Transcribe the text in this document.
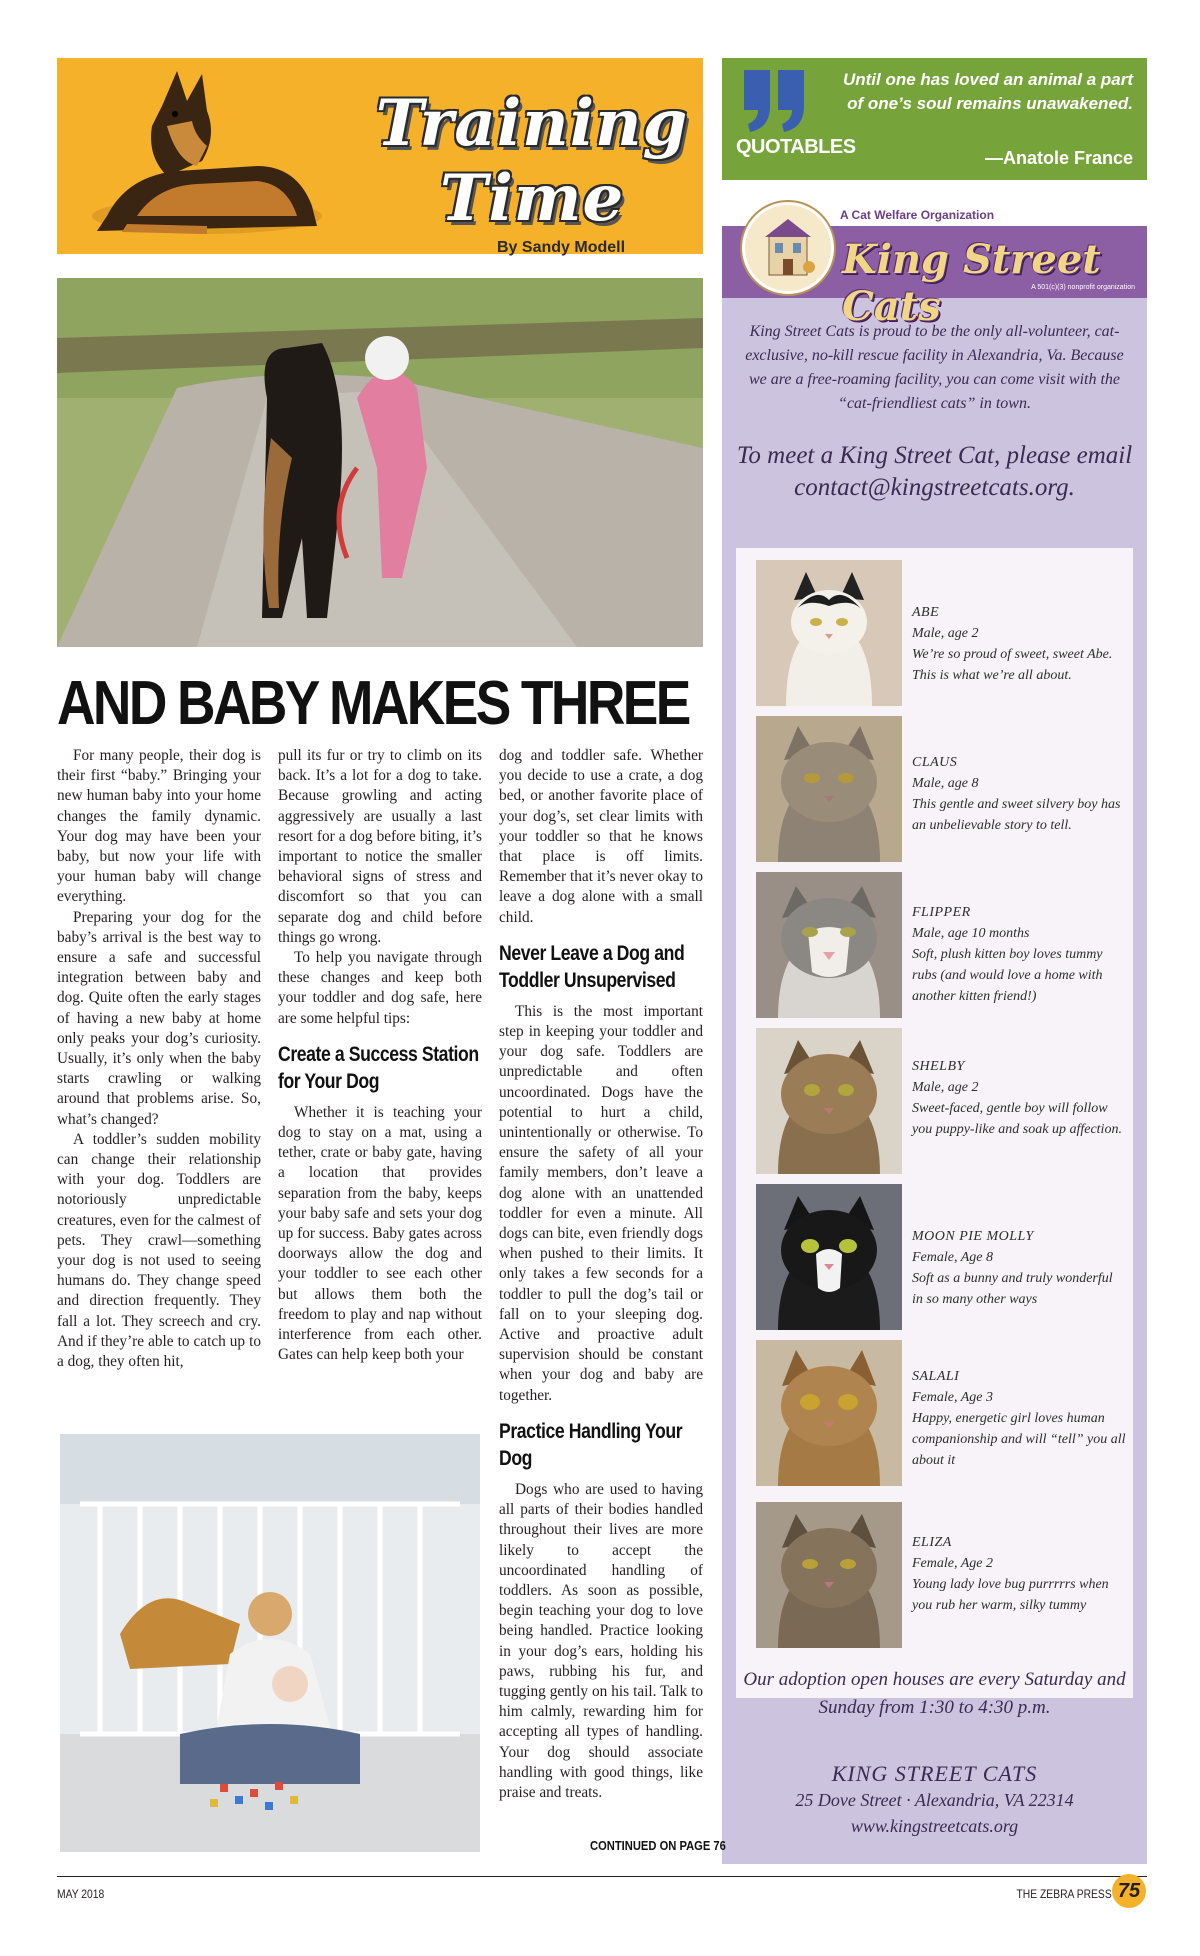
Training Time
By Sandy Modell
QUOTABLES
Until one has loved an animal a part of one’s soul remains unawakened.
—Anatole France
A Cat Welfare Organization
King Street Cats	A 501(c)(3) nonprofit organization
King Street Cats is proud to be the only all-volunteer, cat-exclusive, no-kill rescue facility in Alexandria, Va. Because we are a free-roaming facility, you can come visit with the “cat-friendliest cats” in town.
To meet a King Street Cat, please email contact@kingstreetcats.org.
ABE
Male, age 2
We’re so proud of sweet, sweet Abe. This is what we’re all about.
CLAUS
Male, age 8
This gentle and sweet silvery boy has an unbelievable story to tell.
FLIPPER
Male, age 10 months
Soft, plush kitten boy loves tummy rubs (and would love a home with another kitten friend!)
SHELBY
Male, age 2
Sweet-faced, gentle boy will follow you puppy-like and soak up affection.
MOON PIE MOLLY
Female, Age 8
Soft as a bunny and truly wonderful in so many other ways
SALALI
Female, Age 3
Happy, energetic girl loves human companionship and will “tell” you all about it
ELIZA
Female, Age 2
Young lady love bug purrrrrs when you rub her warm, silky tummy
Our adoption open houses are every Saturday and Sunday from 1:30 to 4:30 p.m.
KING STREET CATS
25 Dove Street · Alexandria, VA 22314
www.kingstreetcats.org
AND BABY MAKES THREE

For many people, their dog is their first “baby.” Bringing your new human baby into your home changes the family dynamic. Your dog may have been your baby, but now your life with your human baby will change everything.

Preparing your dog for the baby’s arrival is the best way to ensure a safe and successful integration between baby and dog. Quite often the early stages of having a new baby at home only peaks your dog’s curiosity. Usually, it’s only when the baby starts crawling or walking around that problems arise. So, what’s changed?

A toddler’s sudden mobility can change their relationship with your dog. Toddlers are notoriously unpredictable creatures, even for the calmest of pets. They crawl—something your dog is not used to seeing humans do. They change speed and direction frequently. They fall a lot. They screech and cry. And if they’re able to catch up to a dog, they often hit,

pull its fur or try to climb on its back. It’s a lot for a dog to take. Because growling and acting aggressively are usually a last resort for a dog before biting, it’s important to notice the smaller behavioral signs of stress and discomfort so that you can separate dog and child before things go wrong.

To help you navigate through these changes and keep both your toddler and dog safe, here are some helpful tips:

Create a Success Station for Your Dog

Whether it is teaching your dog to stay on a mat, using a tether, crate or baby gate, having a location that provides separation from the baby, keeps your baby safe and sets your dog up for success. Baby gates across doorways allow the dog and your toddler to see each other but allows them both the freedom to play and nap without interference from each other. Gates can help keep both your

dog and toddler safe. Whether you decide to use a crate, a dog bed, or another favorite place of your dog’s, set clear limits with your toddler so that he knows that place is off limits. Remember that it’s never okay to leave a dog alone with a small child.

Never Leave a Dog and Toddler Unsupervised

This is the most important step in keeping your toddler and your dog safe. Toddlers are unpredictable and often uncoordinated. Dogs have the potential to hurt a child, unintentionally or otherwise. To ensure the safety of all your family members, don’t leave a dog alone with an unattended toddler for even a minute. All dogs can bite, even friendly dogs when pushed to their limits. It only takes a few seconds for a toddler to pull the dog’s tail or fall on to your sleeping dog. Active and proactive adult supervision should be constant when your dog and baby are together.

Practice Handling Your Dog

Dogs who are used to having all parts of their bodies handled throughout their lives are more likely to accept the uncoordinated handling of toddlers. As soon as possible, begin teaching your dog to love being handled. Practice looking in your dog’s ears, holding his paws, rubbing his fur, and tugging gently on his tail. Talk to him calmly, rewarding him for accepting all types of handling. Your dog should associate handling with good things, like praise and treats.

CONTINUED ON PAGE 76
MAY 2018	THE ZEBRA PRESS 75
